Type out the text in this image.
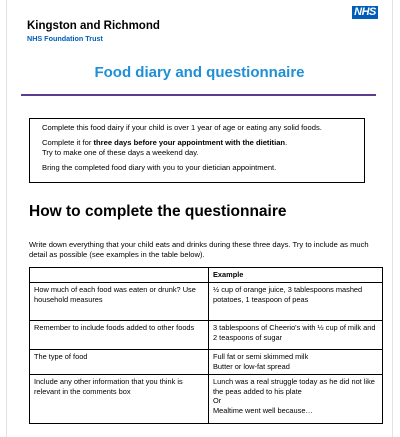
NHS
Kingston and Richmond
NHS Foundation Trust
Food diary and questionnaire

Complete this food dairy if your child is over 1 year of age or eating any solid foods.

Complete it for three days before your appointment with the dietitian.

Try to make one of these days a weekend day.

Bring the completed food diary with you to your dietician appointment.

How to complete the questionnaire
Write down everything that your child eats and drinks during these three days. Try to include as much detail as possible (see examples in the table below).
	Example
How much of each food was eaten or drunk? Use household measures	½ cup of orange juice, 3 tablespoons mashed potatoes, 1 teaspoon of peas

Remember to include foods added to other foods	3 tablespoons of Cheerio's with ½ cup of milk and 2 teaspoons of sugar

The type of food	Full fat or semi skimmed milk
Butter or low-fat spread

Include any other information that you think is relevant in the comments box	Lunch was a real struggle today as he did not like the peas added to his plate
Or
Mealtime went well because…
